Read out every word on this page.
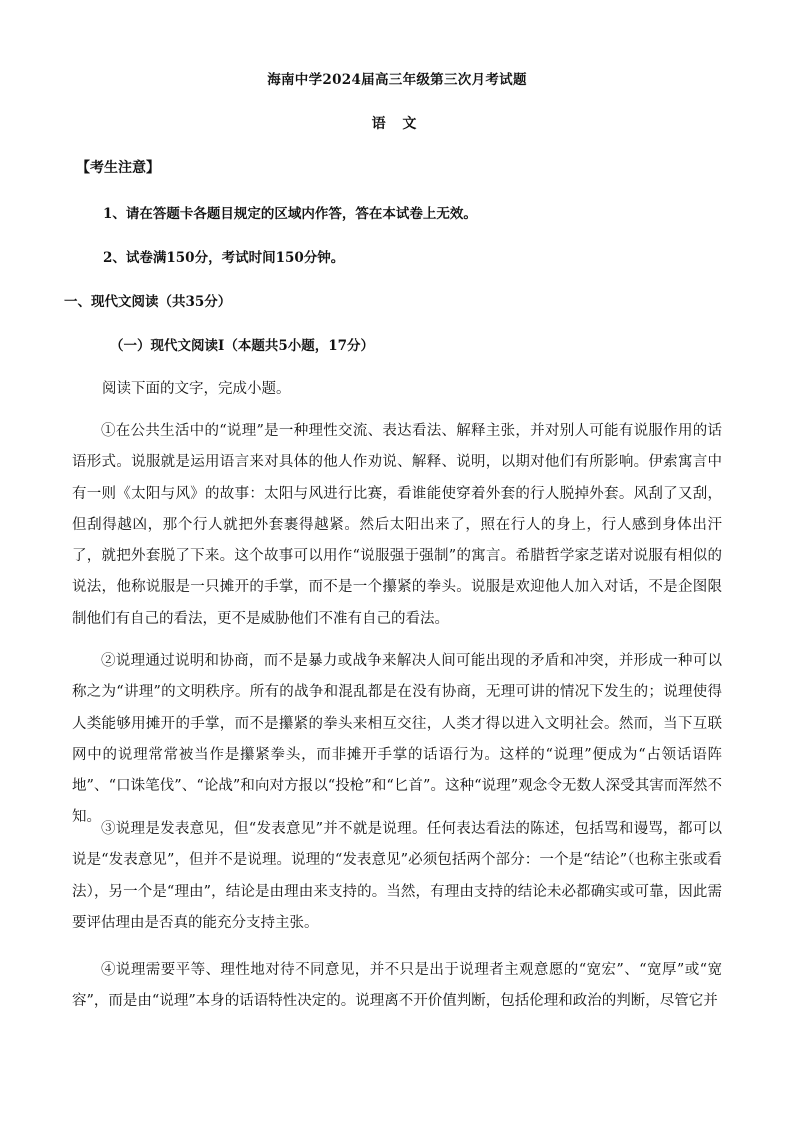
海南中学2024届高三年级第三次月考试题
语 文
【考生注意】
1、请在答题卡各题目规定的区域内作答，答在本试卷上无效。
2、试卷满150分，考试时间150分钟。
一、现代文阅读（共35分）
（一）现代文阅读I（本题共5小题，17分）
阅读下面的文字，完成小题。
①在公共生活中的“说理”是一种理性交流、表达看法、解释主张，并对别人可能有说服作用的话语形式。说服就是运用语言来对具体的他人作劝说、解释、说明，以期对他们有所影响。伊索寓言中有一则《太阳与风》的故事：太阳与风进行比赛，看谁能使穿着外套的行人脱掉外套。风刮了又刮，但刮得越凶，那个行人就把外套裹得越紧。然后太阳出来了，照在行人的身上，行人感到身体出汗了，就把外套脱了下来。这个故事可以用作“说服强于强制”的寓言。希腊哲学家芝诺对说服有相似的说法，他称说服是一只摊开的手掌，而不是一个攥紧的拳头。说服是欢迎他人加入对话，不是企图限制他们有自己的看法，更不是威胁他们不准有自己的看法。
②说理通过说明和协商，而不是暴力或战争来解决人间可能出现的矛盾和冲突，并形成一种可以称之为“讲理”的文明秩序。所有的战争和混乱都是在没有协商，无理可讲的情况下发生的；说理使得人类能够用摊开的手掌，而不是攥紧的拳头来相互交往，人类才得以进入文明社会。然而，当下互联网中的说理常常被当作是攥紧拳头，而非摊开手掌的话语行为。这样的“说理”便成为“占领话语阵地”、“口诛笔伐”、“论战”和向对方报以“投枪”和“匕首”。这种“说理”观念令无数人深受其害而浑然不知。
③说理是发表意见，但“发表意见”并不就是说理。任何表达看法的陈述，包括骂和谩骂，都可以说是“发表意见”，但并不是说理。说理的“发表意见”必须包括两个部分：一个是“结论”（也称主张或看法），另一个是“理由”，结论是由理由来支持的。当然，有理由支持的结论未必都确实或可靠，因此需要评估理由是否真的能充分支持主张。
④说理需要平等、理性地对待不同意见，并不只是出于说理者主观意愿的“宽宏”、“宽厚”或“宽容”，而是由“说理”本身的话语特性决定的。说理离不开价值判断，包括伦理和政治的判断，尽管它并
